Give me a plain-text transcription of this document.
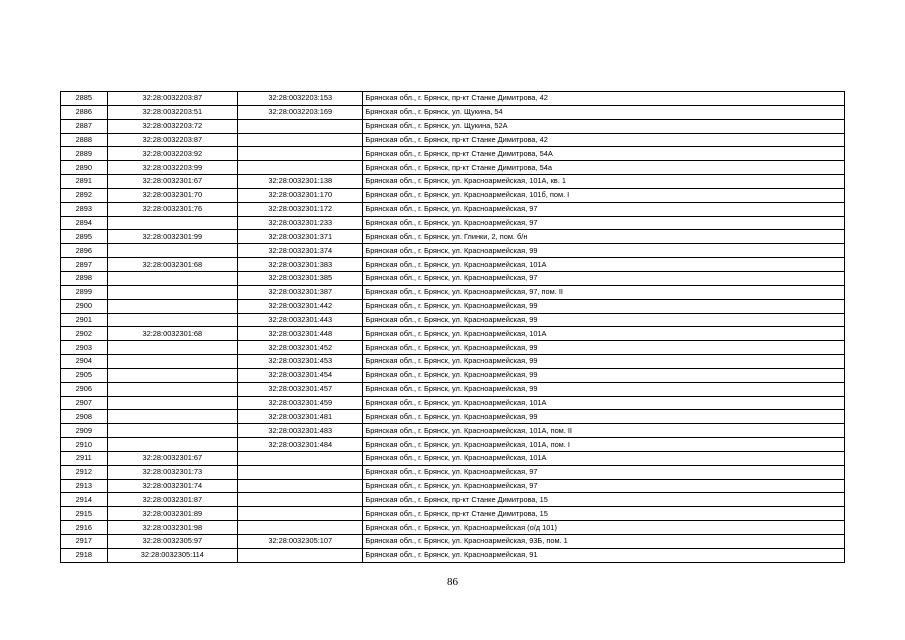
2885	32:28:0032203:87	32:28:0032203:153	Брянская обл., г. Брянск, пр-кт Станке Димитрова, 42
2886	32:28:0032203:51	32:28:0032203:169	Брянская обл., г. Брянск, ул. Щукина, 54
2887	32:28:0032203:72		Брянская обл., г. Брянск, ул. Щукина, 52А
2888	32:28:0032203:87		Брянская обл., г. Брянск, пр-кт Станке Димитрова, 42
2889	32:28:0032203:92		Брянская обл., г. Брянск, пр-кт Станке Димитрова, 54А
2890	32:28:0032203:99		Брянская обл., г. Брянск, пр-кт Станке Димитрова, 54а
2891	32:28:0032301:67	32:28:0032301:138	Брянская обл., г. Брянск, ул. Красноармейская, 101А, кв. 1
2892	32:28:0032301:70	32:28:0032301:170	Брянская обл., г. Брянск, ул. Красноармейская, 101б, пом. I
2893	32:28:0032301:76	32:28:0032301:172	Брянская обл., г. Брянск, ул. Красноармейская, 97
2894		32:28:0032301:233	Брянская обл., г. Брянск, ул. Красноармейская, 97
2895	32:28:0032301:99	32:28:0032301:371	Брянская обл., г. Брянск, ул. Глинки, 2, пом. б/н
2896		32:28:0032301:374	Брянская обл., г. Брянск, ул. Красноармейская, 99
2897	32:28:0032301:68	32:28:0032301:383	Брянская обл., г. Брянск, ул. Красноармейская, 101А
2898		32:28:0032301:385	Брянская обл., г. Брянск, ул. Красноармейская, 97
2899		32:28:0032301:387	Брянская обл., г. Брянск, ул. Красноармейская, 97, пом. II
2900		32:28:0032301:442	Брянская обл., г. Брянск, ул. Красноармейская, 99
2901		32:28:0032301:443	Брянская обл., г. Брянск, ул. Красноармейская, 99
2902	32:28:0032301:68	32:28:0032301:448	Брянская обл., г. Брянск, ул. Красноармейская, 101А
2903		32:28:0032301:452	Брянская обл., г. Брянск, ул. Красноармейская, 99
2904		32:28:0032301:453	Брянская обл., г. Брянск, ул. Красноармейская, 99
2905		32:28:0032301:454	Брянская обл., г. Брянск, ул. Красноармейская, 99
2906		32:28:0032301:457	Брянская обл., г. Брянск, ул. Красноармейская, 99
2907		32:28:0032301:459	Брянская обл., г. Брянск, ул. Красноармейская, 101А
2908		32:28:0032301:481	Брянская обл., г. Брянск, ул. Красноармейская, 99
2909		32:28:0032301:483	Брянская обл., г. Брянск, ул. Красноармейская, 101А, пом. II
2910		32:28:0032301:484	Брянская обл., г. Брянск, ул. Красноармейская, 101А, пом. I
2911	32:28:0032301:67		Брянская обл., г. Брянск, ул. Красноармейская, 101А
2912	32:28:0032301:73		Брянская обл., г. Брянск, ул. Красноармейская, 97
2913	32:28:0032301:74		Брянская обл., г. Брянск, ул. Красноармейская, 97
2914	32:28:0032301:87		Брянская обл., г. Брянск, пр-кт Станке Димитрова, 15
2915	32:28:0032301:89		Брянская обл., г. Брянск, пр-кт Станке Димитрова, 15
2916	32:28:0032301:98		Брянская обл., г. Брянск, ул. Красноармейская (о/д 101)
2917	32:28:0032305:97	32:28:0032305:107	Брянская обл., г. Брянск, ул. Красноармейская, 93Б, пом. 1
2918	32:28:0032305:114		Брянская обл., г. Брянск, ул. Красноармейская, 91
86
